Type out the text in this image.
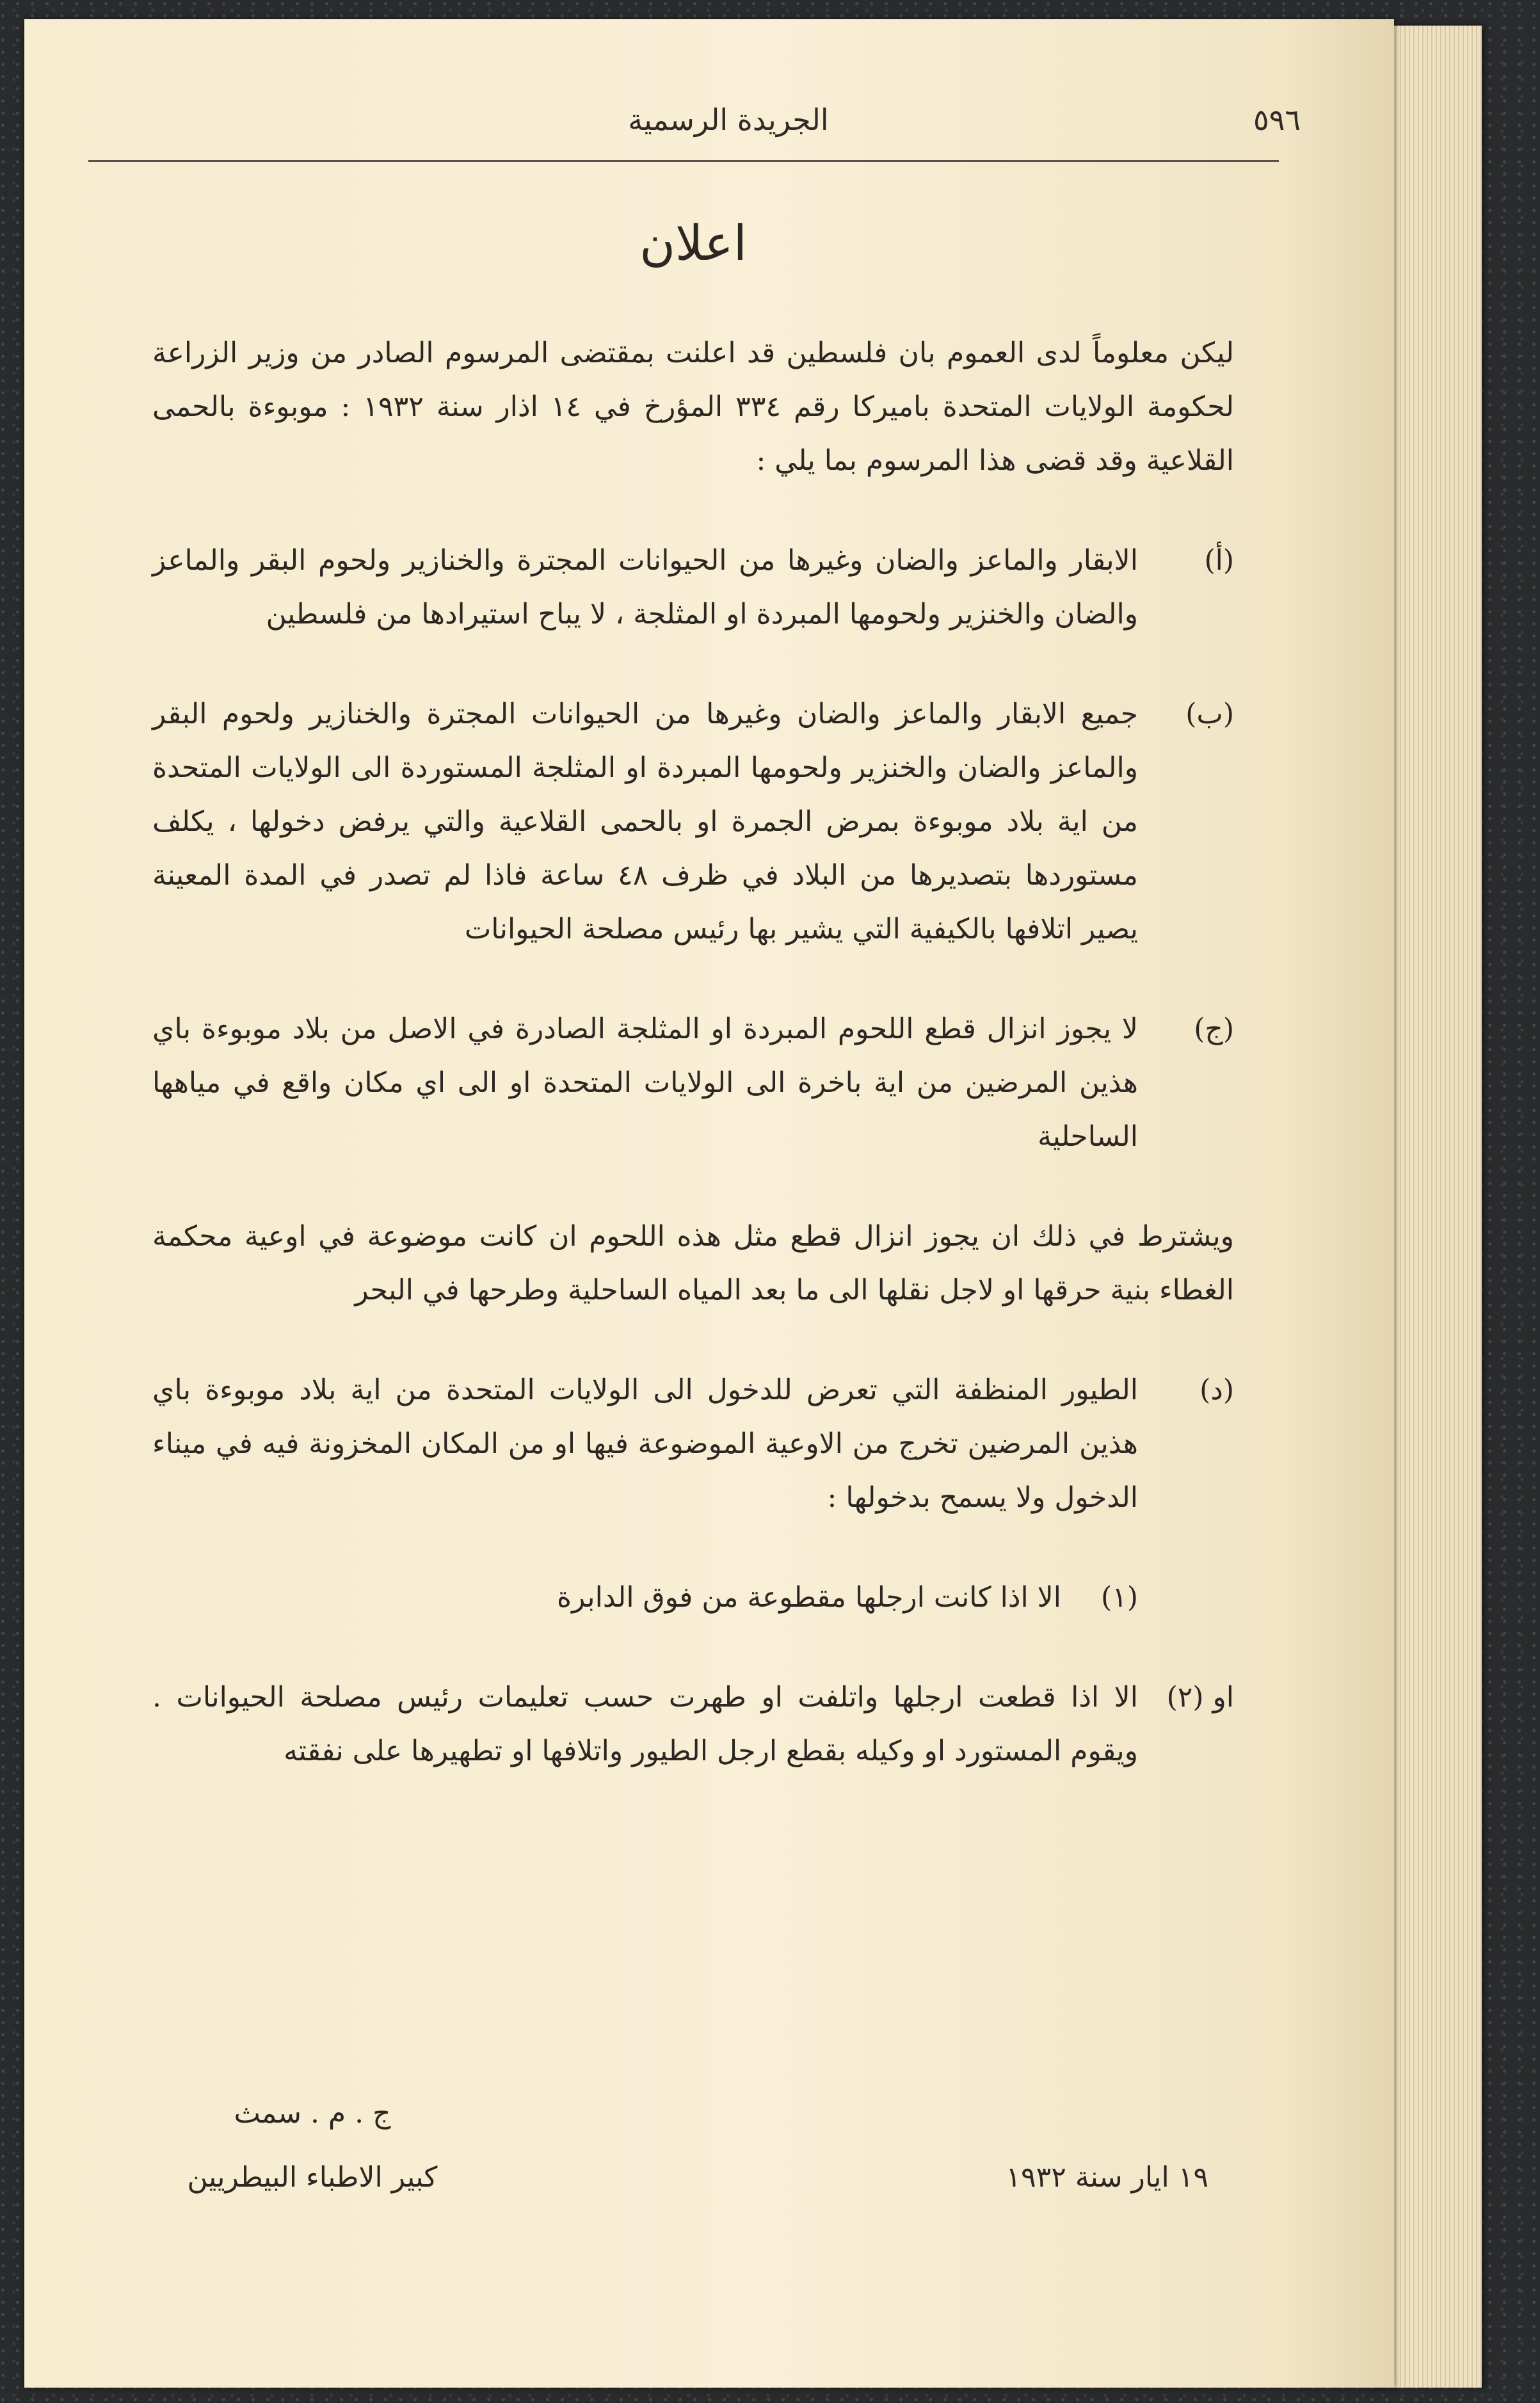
٥٩٦
الجريدة الرسمية
اعلان
ليكن معلوماً لدى العموم بان فلسطين قد اعلنت بمقتضى المرسوم الصادر من وزير الزراعة لحكومة الولايات المتحدة باميركا رقم ٣٣٤ المؤرخ في ١٤ اذار سنة ١٩٣٢ : موبوءة بالحمى القلاعية وقد قضى هذا المرسوم بما يلي :
(أ)
الابقار والماعز والضان وغيرها من الحيوانات المجترة والخنازير ولحوم البقر والماعز والضان والخنزير ولحومها المبردة او المثلجة ، لا يباح استيرادها من فلسطين
(ب)
جميع الابقار والماعز والضان وغيرها من الحيوانات المجترة والخنازير ولحوم البقر والماعز والضان والخنزير ولحومها المبردة او المثلجة المستوردة الى الولايات المتحدة من اية بلاد موبوءة بمرض الجمرة او بالحمى القلاعية والتي يرفض دخولها ، يكلف مستوردها بتصديرها من البلاد في ظرف ٤٨ ساعة فاذا لم تصدر في المدة المعينة يصير اتلافها بالكيفية التي يشير بها رئيس مصلحة الحيوانات
(ج)
لا يجوز انزال قطع اللحوم المبردة او المثلجة الصادرة في الاصل من بلاد موبوءة باي هذين المرضين من اية باخرة الى الولايات المتحدة او الى اي مكان واقع في مياهها الساحلية
ويشترط في ذلك ان يجوز انزال قطع مثل هذه اللحوم ان كانت موضوعة في اوعية محكمة الغطاء بنية حرقها او لاجل نقلها الى ما بعد المياه الساحلية وطرحها في البحر
(د)
الطيور المنظفة التي تعرض للدخول الى الولايات المتحدة من اية بلاد موبوءة باي هذين المرضين تخرج من الاوعية الموضوعة فيها او من المكان المخزونة فيه في ميناء الدخول ولا يسمح بدخولها :
(١)
الا اذا كانت ارجلها مقطوعة من فوق الدابرة
او (٢)
الا اذا قطعت ارجلها واتلفت او طهرت حسب تعليمات رئيس مصلحة الحيوانات . ويقوم المستورد او وكيله بقطع ارجل الطيور واتلافها او تطهيرها على نفقته
ج . م . سمث
كبير الاطباء البيطريين	١٩ ايار سنة ١٩٣٢
